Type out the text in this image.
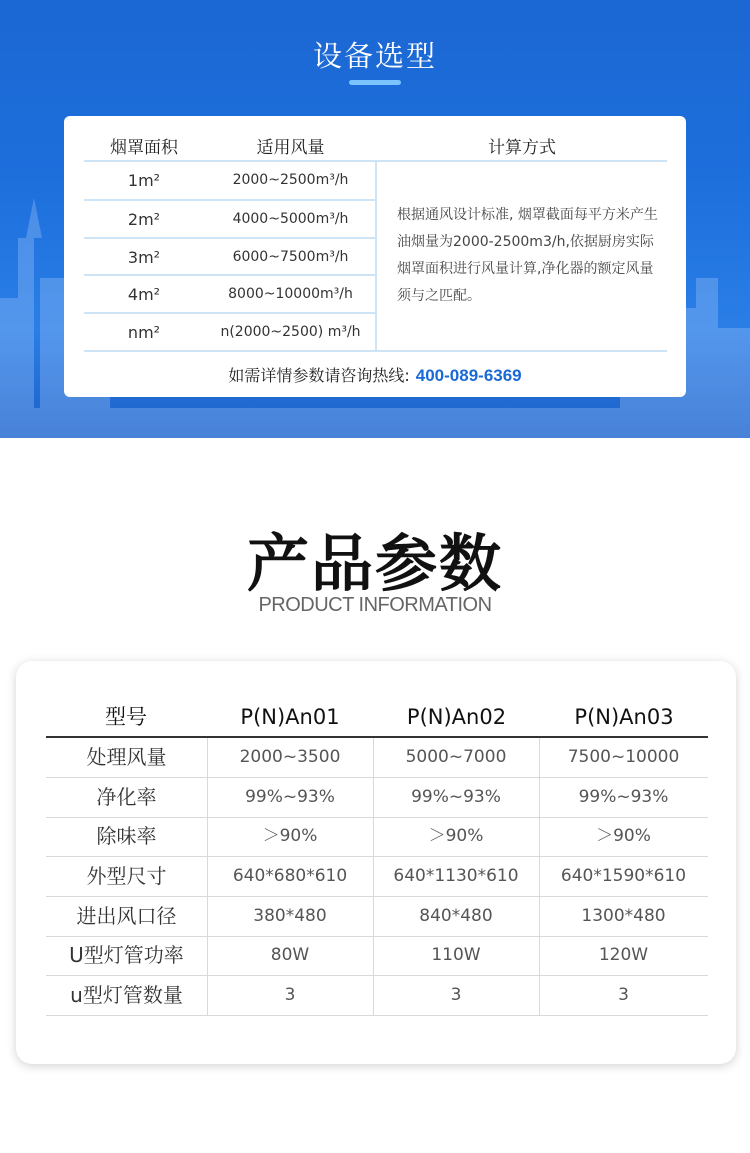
设备选型
烟罩面积	适用风量	计算方式
1m²	2000~2500m³/h
2m²	4000~5000m³/h
3m²	6000~7500m³/h
4m²	8000~10000m³/h
nm²	n(2000~2500) m³/h
根据通风设计标准, 烟罩截面每平方米产生油烟量为2000-2500m3/h,依据厨房实际烟罩面积进行风量计算,净化器的额定风量须与之匹配。
如需详情参数请咨询热线: 400-089-6369
产品参数
PRODUCT INFORMATION
型号	P(N)An01	P(N)An02	P(N)An03
处理风量	2000~3500	5000~7000	7500~10000
净化率	99%~93%	99%~93%	99%~93%
除味率	＞90%	＞90%	＞90%
外型尺寸	640*680*610	640*1130*610	640*1590*610
进出风口径	380*480	840*480	1300*480
U型灯管功率	80W	110W	120W
u型灯管数量	3	3	3
